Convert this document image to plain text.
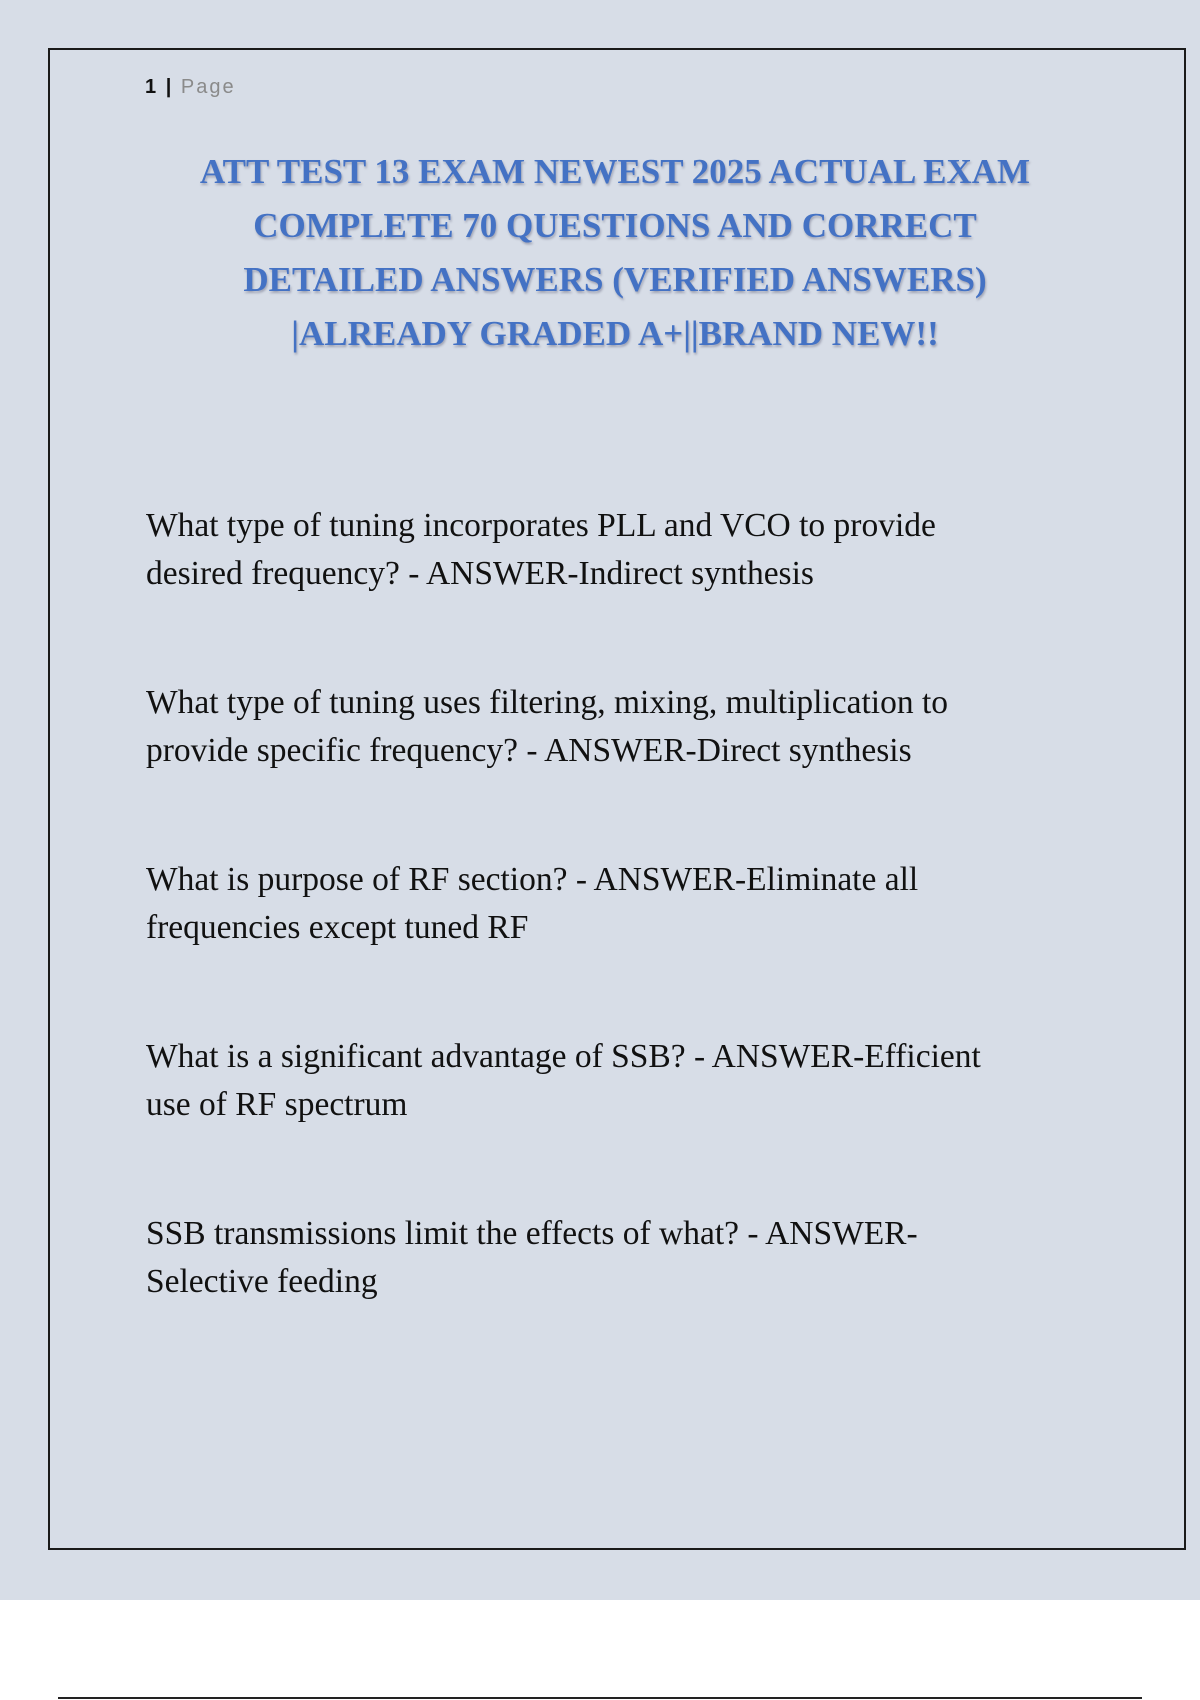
1 | Page
ATT TEST 13 EXAM NEWEST 2025 ACTUAL EXAM
COMPLETE 70 QUESTIONS AND CORRECT
DETAILED ANSWERS (VERIFIED ANSWERS)
|ALREADY GRADED A+||BRAND NEW!!
What type of tuning incorporates PLL and VCO to provide
desired frequency? - ANSWER-Indirect synthesis
What type of tuning uses filtering, mixing, multiplication to
provide specific frequency? - ANSWER-Direct synthesis
What is purpose of RF section? - ANSWER-Eliminate all
frequencies except tuned RF
What is a significant advantage of SSB? - ANSWER-Efficient
use of RF spectrum
SSB transmissions limit the effects of what? - ANSWER-
Selective feeding
